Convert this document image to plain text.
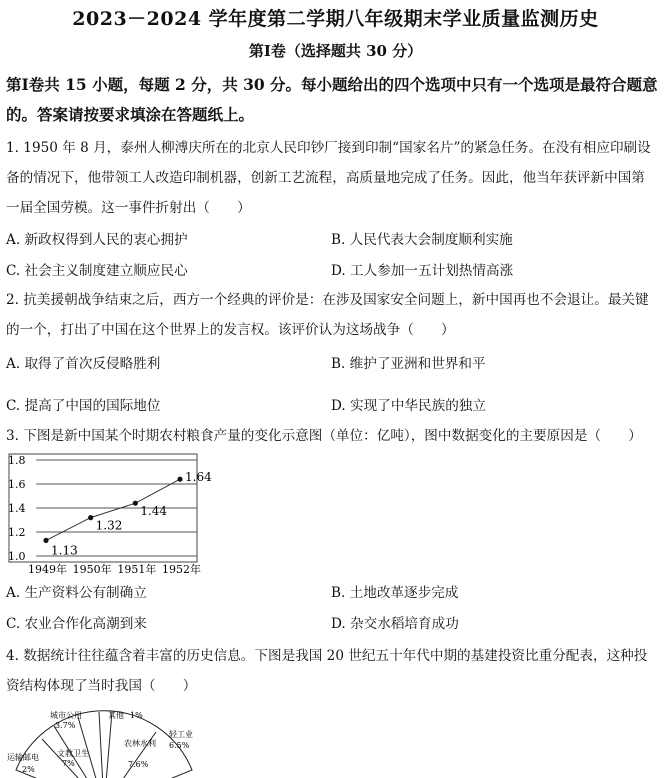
2023－2024 学年度第二学期八年级期末学业质量监测历史
第Ⅰ卷（选择题共 30 分）
第Ⅰ卷共 15 小题，每题 2 分，共 30 分。每小题给出的四个选项中只有一个选项是最符合题意的。答案请按要求填涂在答题纸上。
1. 1950 年 8 月，泰州人柳溥庆所在的北京人民印钞厂接到印制“国家名片”的紧急任务。在没有相应印刷设备的情况下，他带领工人改造印制机器，创新工艺流程，高质量地完成了任务。因此，他当年获评新中国第一届全国劳模。这一事件折射出（　　）
A. 新政权得到人民的衷心拥护	B. 人民代表大会制度顺利实施
C. 社会主义制度建立顺应民心	D. 工人参加一五计划热情高涨
2. 抗美援朝战争结束之后，西方一个经典的评价是：在涉及国家安全问题上，新中国再也不会退让。最关键的一个，打出了中国在这个世界上的发言权。该评价认为这场战争（　　）
A. 取得了首次反侵略胜利	B. 维护了亚洲和世界和平
C. 提高了中国的国际地位	D. 实现了中华民族的独立
3. 下图是新中国某个时期农村粮食产量的变化示意图（单位：亿吨），图中数据变化的主要原因是（　　）
1.0
1.2
1.4
1.6
1.8
1949年 1950年 1951年 1952年
1.13
1.32
1.44
1.64
A. 生产资料公有制确立	B. 土地改革逐步完成
C. 农业合作化高潮到来	D. 杂交水稻培育成功
4. 数据统计往往蕴含着丰富的历史信息。下图是我国 20 世纪五十年代中期的基建投资比重分配表，这种投资结构体现了当时我国（　　）
城市公用
3.7%
其他 1%
农林水利
7.6%
轻工业
6.5%
文教卫生
7%
运输邮电
2%
